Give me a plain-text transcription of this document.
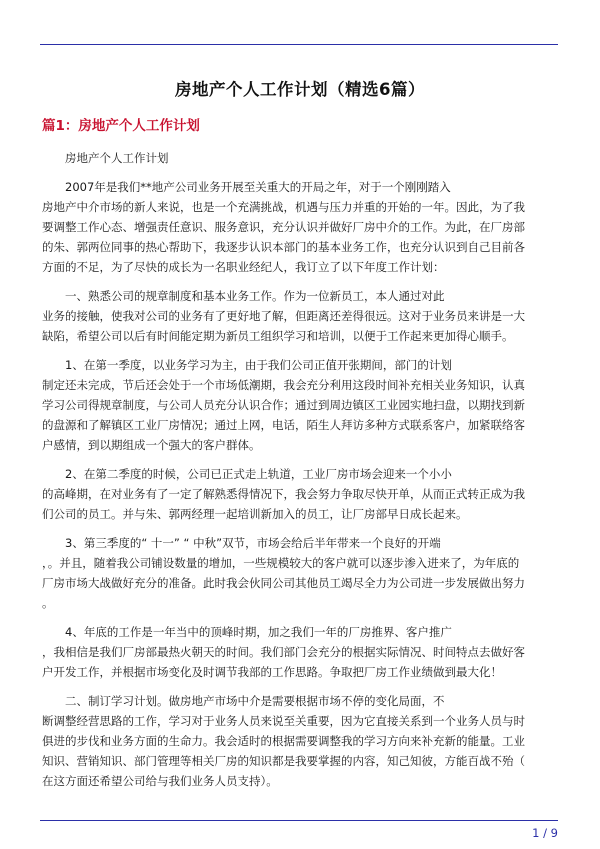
房地产个人工作计划（精选6篇）
篇1：房地产个人工作计划

房地产个人工作计划

2007年是我们**地产公司业务开展至关重大的开局之年，对于一个刚刚踏入
房地产中介市场的新人来说，也是一个充满挑战，机遇与压力并重的开始的一年。因此，为了我
要调整工作心态、增强责任意识、服务意识，充分认识并做好厂房中介的工作。为此，在厂房部
的朱、郭两位同事的热心帮助下，我逐步认识本部门的基本业务工作，也充分认识到自己目前各
方面的不足，为了尽快的成长为一名职业经纪人，我订立了以下年度工作计划：

一、熟悉公司的规章制度和基本业务工作。作为一位新员工，本人通过对此
业务的接触，使我对公司的业务有了更好地了解，但距离还差得很远。这对于业务员来讲是一大
缺陷，希望公司以后有时间能定期为新员工组织学习和培训，以便于工作起来更加得心顺手。

1、在第一季度，以业务学习为主，由于我们公司正值开张期间，部门的计划
制定还未完成，节后还会处于一个市场低潮期，我会充分利用这段时间补充相关业务知识，认真
学习公司得规章制度，与公司人员充分认识合作；通过到周边镇区工业园实地扫盘，以期找到新
的盘源和了解镇区工业厂房情况；通过上网，电话，陌生人拜访多种方式联系客户，加紧联络客
户感情，到以期组成一个强大的客户群体。

2、在第二季度的时候，公司已正式走上轨道，工业厂房市场会迎来一个小小
的高峰期，在对业务有了一定了解熟悉得情况下，我会努力争取尽快开单，从而正式转正成为我
们公司的员工。并与朱、郭两经理一起培训新加入的员工，让厂房部早日成长起来。

3、第三季度的“ 十一” “ 中秋”双节，市场会给后半年带来一个良好的开端
，。并且，随着我公司铺设数量的增加，一些规模较大的客户就可以逐步渗入进来了，为年底的
厂房市场大战做好充分的准备。此时我会伙同公司其他员工竭尽全力为公司进一步发展做出努力
。

4、年底的工作是一年当中的顶峰时期，加之我们一年的厂房推界、客户推广
，我相信是我们厂房部最热火朝天的时间。我们部门会充分的根据实际情况、时间特点去做好客
户开发工作，并根据市场变化及时调节我部的工作思路。争取把厂房工作业绩做到最大化！

二、制订学习计划。做房地产市场中介是需要根据市场不停的变化局面，不
断调整经营思路的工作，学习对于业务人员来说至关重要，因为它直接关系到一个业务人员与时
俱进的步伐和业务方面的生命力。我会适时的根据需要调整我的学习方向来补充新的能量。工业
知识、营销知识、部门管理等相关厂房的知识都是我要掌握的内容，知己知彼，方能百战不殆（
在这方面还希望公司给与我们业务人员支持）。

1 / 9
